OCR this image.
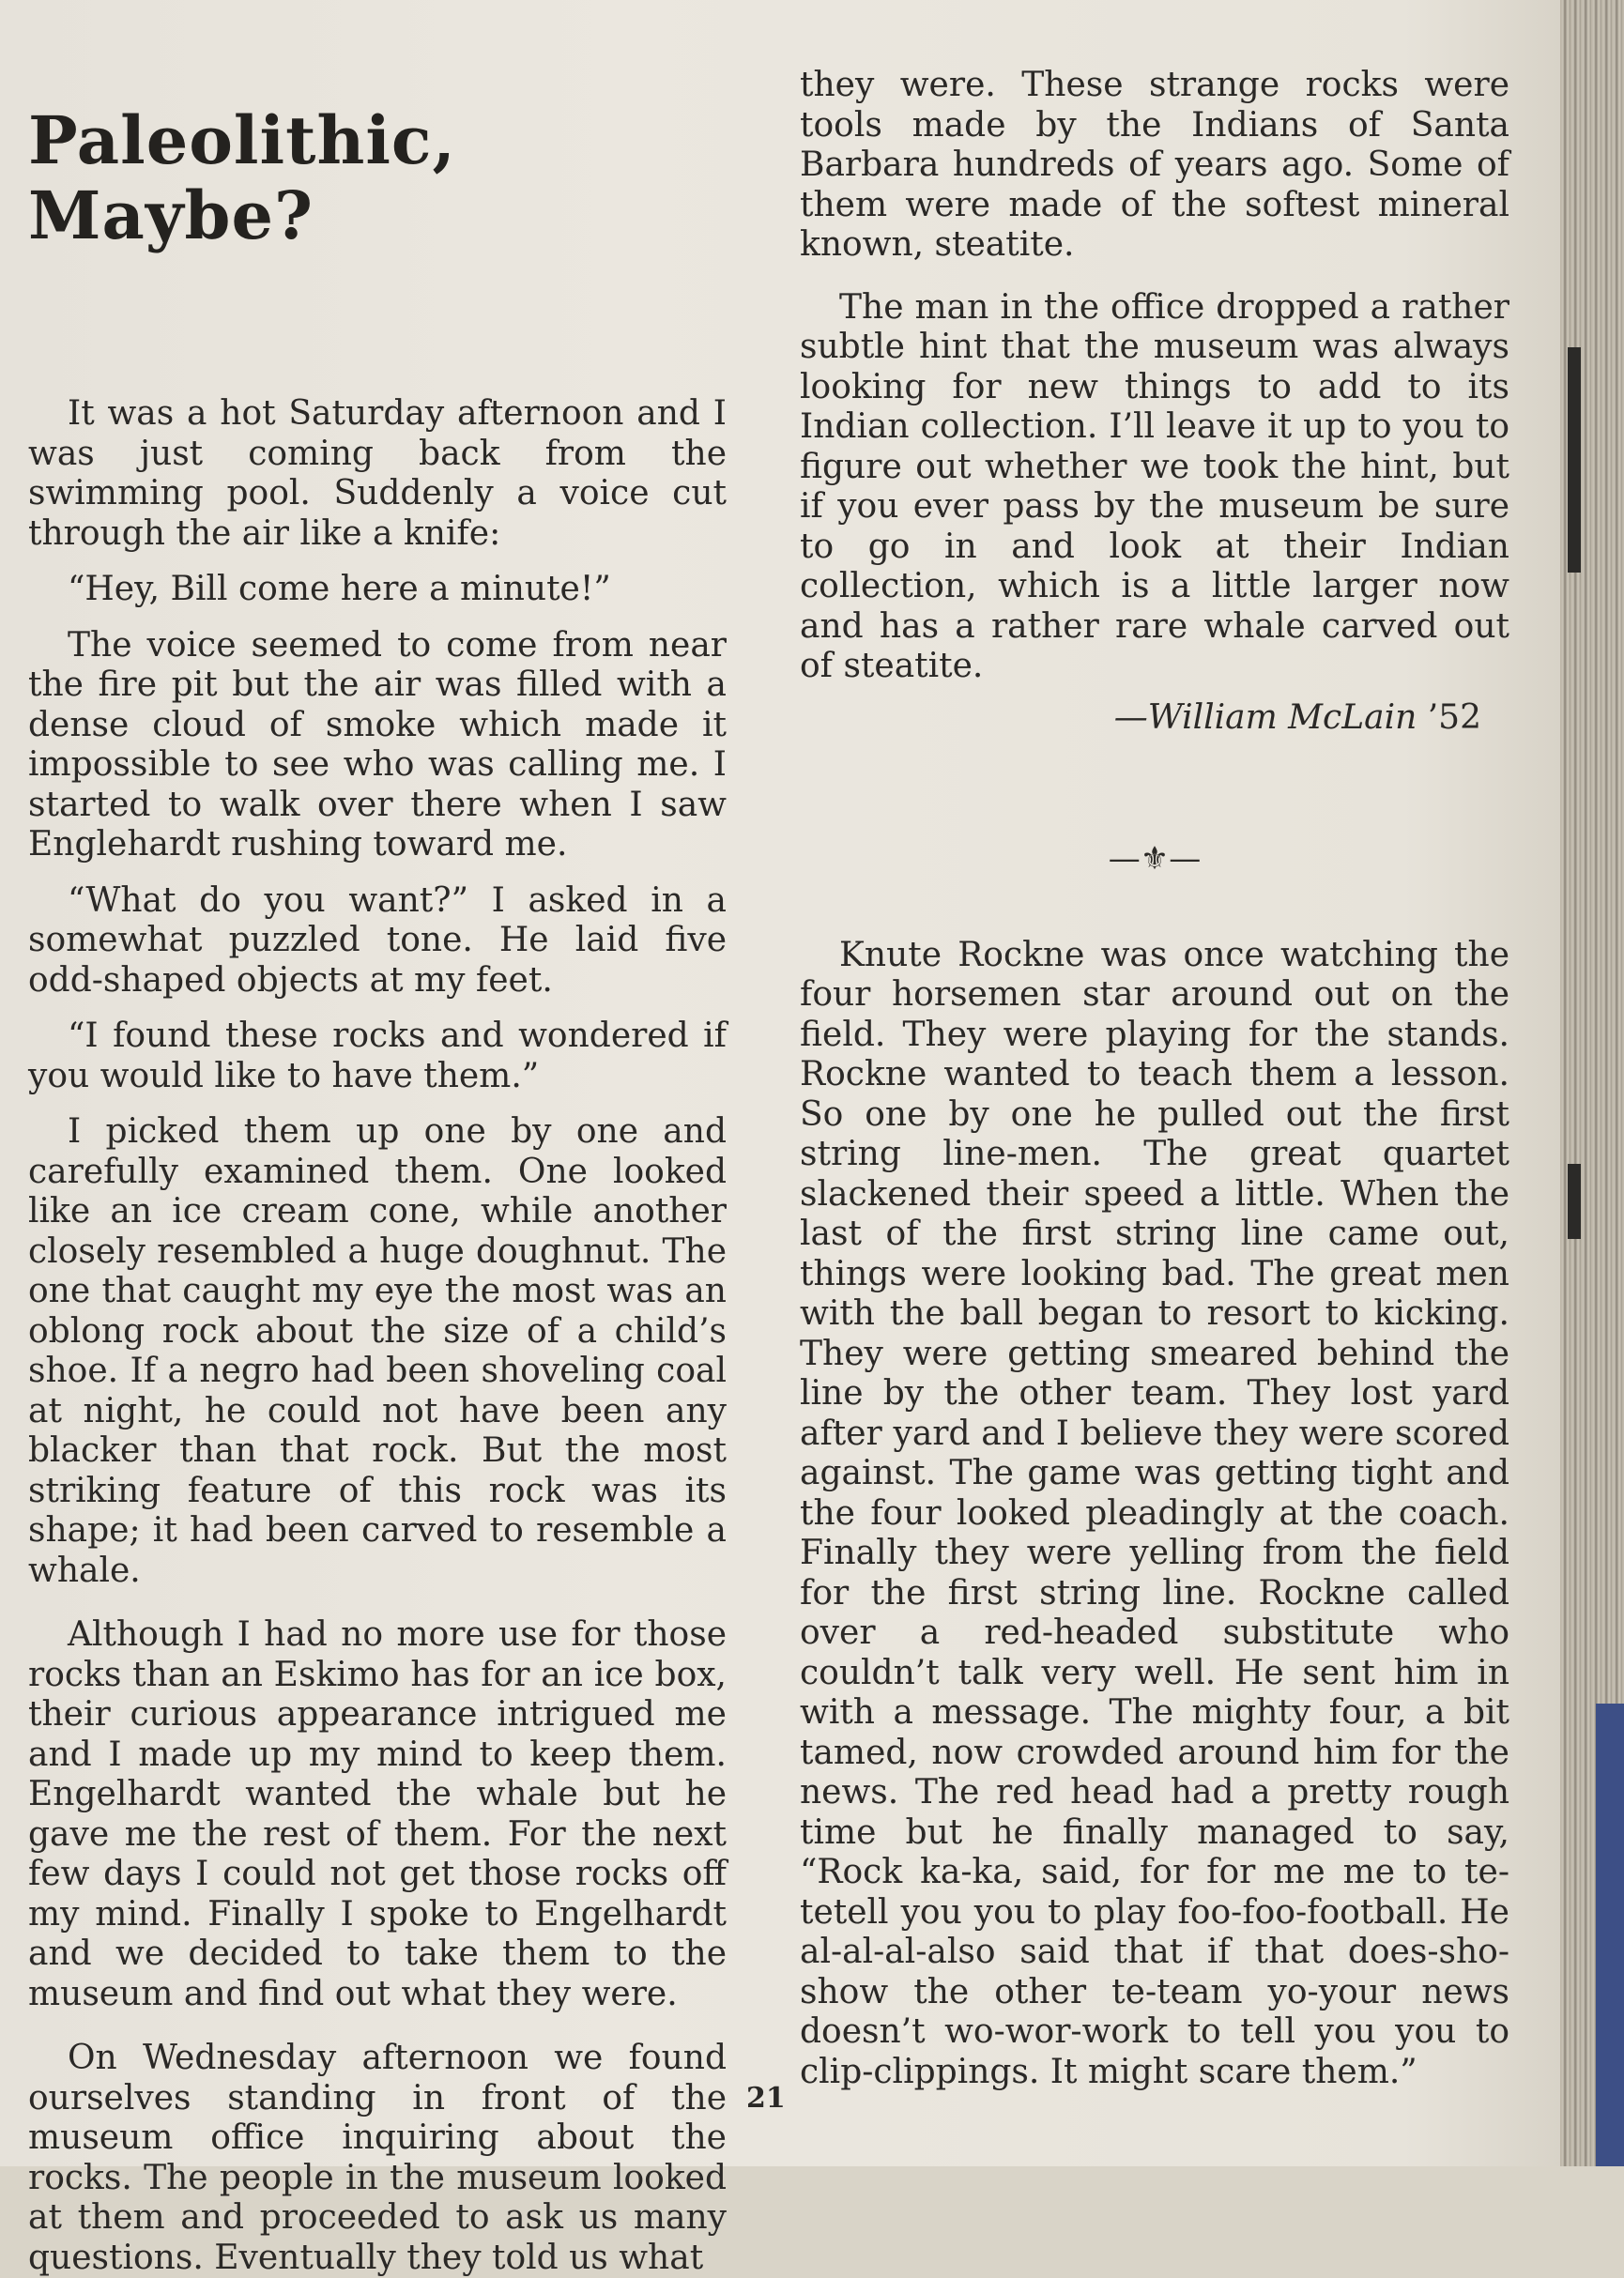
Paleolithic, Maybe?

It was a hot Saturday afternoon and I was just coming back from the swimming pool. Suddenly a voice cut through the air like a knife:

“Hey, Bill come here a minute!”

The voice seemed to come from near the fire pit but the air was filled with a dense cloud of smoke which made it impossible to see who was calling me. I started to walk over there when I saw Englehardt rushing toward me.

“What do you want?” I asked in a somewhat puzzled tone. He laid five odd-shaped objects at my feet.

“I found these rocks and wondered if you would like to have them.”

I picked them up one by one and carefully examined them. One looked like an ice cream cone, while another closely resembled a huge doughnut. The one that caught my eye the most was an oblong rock about the size of a child’s shoe. If a negro had been shoveling coal at night, he could not have been any blacker than that rock. But the most striking feature of this rock was its shape; it had been carved to resemble a whale.

Although I had no more use for those rocks than an Eskimo has for an ice box, their curious appearance intrigued me and I made up my mind to keep them. Engelhardt wanted the whale but he gave me the rest of them. For the next few days I could not get those rocks off my mind. Finally I spoke to Engelhardt and we decided to take them to the museum and find out what they were.

On Wednesday afternoon we found ourselves standing in front of the museum office inquiring about the rocks. The people in the museum looked at them and proceeded to ask us many questions. Eventually they told us what

they were. These strange rocks were tools made by the Indians of Santa Barbara hundreds of years ago. Some of them were made of the softest mineral known, steatite.

The man in the office dropped a rather subtle hint that the museum was always looking for new things to add to its Indian collection. I’ll leave it up to you to figure out whether we took the hint, but if you ever pass by the museum be sure to go in and look at their Indian collection, which is a little larger now and has a rather rare whale carved out of steatite.

—William McLain ’52
—⚜—

Knute Rockne was once watching the four horsemen star around out on the field. They were playing for the stands. Rockne wanted to teach them a lesson. So one by one he pulled out the first string line-men. The great quartet slackened their speed a little. When the last of the first string line came out, things were looking bad. The great men with the ball began to resort to kicking. They were getting smeared behind the line by the other team. They lost yard after yard and I believe they were scored against. The game was getting tight and the four looked pleadingly at the coach. Finally they were yelling from the field for the first string line. Rockne called over a red-headed substitute who couldn’t talk very well. He sent him in with a message. The mighty four, a bit tamed, now crowded around him for the news. The red head had a pretty rough time but he finally managed to say, “Rock ka-ka, said, for for me me to te-tetell you you to play foo-foo-football. He al-al-al-also said that if that does-sho-show the other te-team yo-your news doesn’t wo-wor-work to tell you you to clip-clippings. It might scare them.”

21
